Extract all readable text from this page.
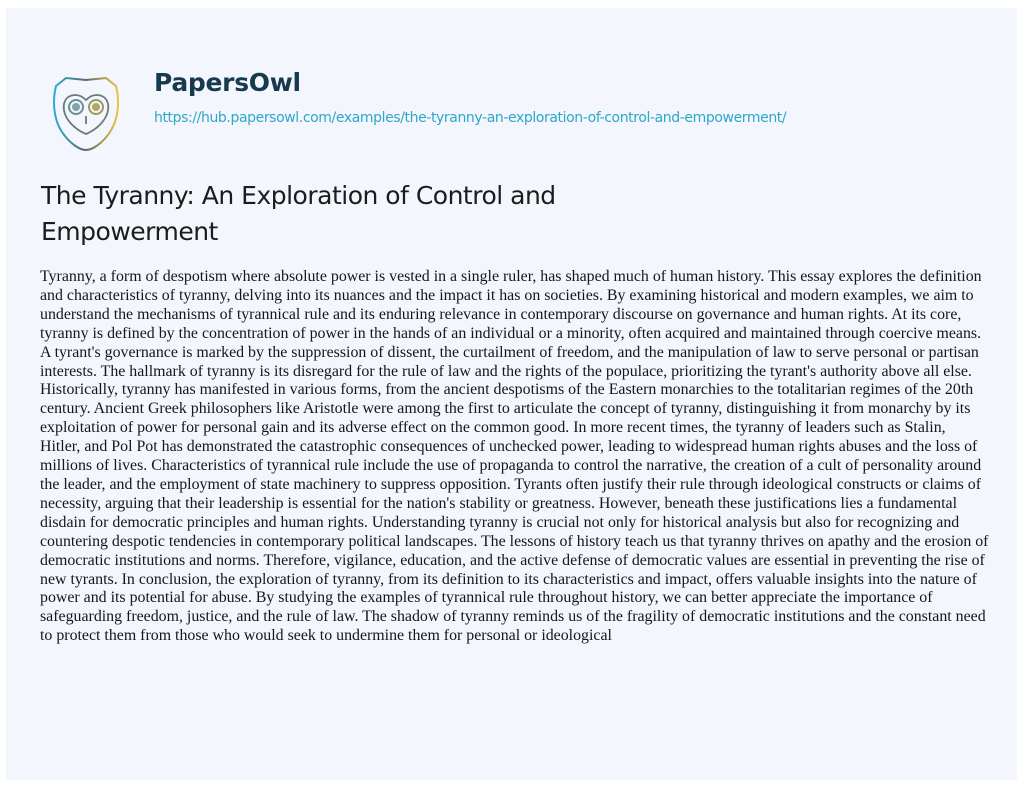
PapersOwl
https://hub.papersowl.com/examples/the-tyranny-an-exploration-of-control-and-empowerment/
The Tyranny: An Exploration of Control and Empowerment
Tyranny, a form of despotism where absolute power is vested in a single ruler, has shaped much of human history. This essay explores the definition and characteristics of tyranny, delving into its nuances and the impact it has on societies. By examining historical and modern examples, we aim to understand the mechanisms of tyrannical rule and its enduring relevance in contemporary discourse on governance and human rights. At its core, tyranny is defined by the concentration of power in the hands of an individual or a minority, often acquired and maintained through coercive means. A tyrant's governance is marked by the suppression of dissent, the curtailment of freedom, and the manipulation of law to serve personal or partisan interests. The hallmark of tyranny is its disregard for the rule of law and the rights of the populace, prioritizing the tyrant's authority above all else. Historically, tyranny has manifested in various forms, from the ancient despotisms of the Eastern monarchies to the totalitarian regimes of the 20th century. Ancient Greek philosophers like Aristotle were among the first to articulate the concept of tyranny, distinguishing it from monarchy by its exploitation of power for personal gain and its adverse effect on the common good. In more recent times, the tyranny of leaders such as Stalin, Hitler, and Pol Pot has demonstrated the catastrophic consequences of unchecked power, leading to widespread human rights abuses and the loss of millions of lives. Characteristics of tyrannical rule include the use of propaganda to control the narrative, the creation of a cult of personality around the leader, and the employment of state machinery to suppress opposition. Tyrants often justify their rule through ideological constructs or claims of necessity, arguing that their leadership is essential for the nation's stability or greatness. However, beneath these justifications lies a fundamental disdain for democratic principles and human rights. Understanding tyranny is crucial not only for historical analysis but also for recognizing and countering despotic tendencies in contemporary political landscapes. The lessons of history teach us that tyranny thrives on apathy and the erosion of democratic institutions and norms. Therefore, vigilance, education, and the active defense of democratic values are essential in preventing the rise of new tyrants. In conclusion, the exploration of tyranny, from its definition to its characteristics and impact, offers valuable insights into the nature of power and its potential for abuse. By studying the examples of tyrannical rule throughout history, we can better appreciate the importance of safeguarding freedom, justice, and the rule of law. The shadow of tyranny reminds us of the fragility of democratic institutions and the constant need to protect them from those who would seek to undermine them for personal or ideological
